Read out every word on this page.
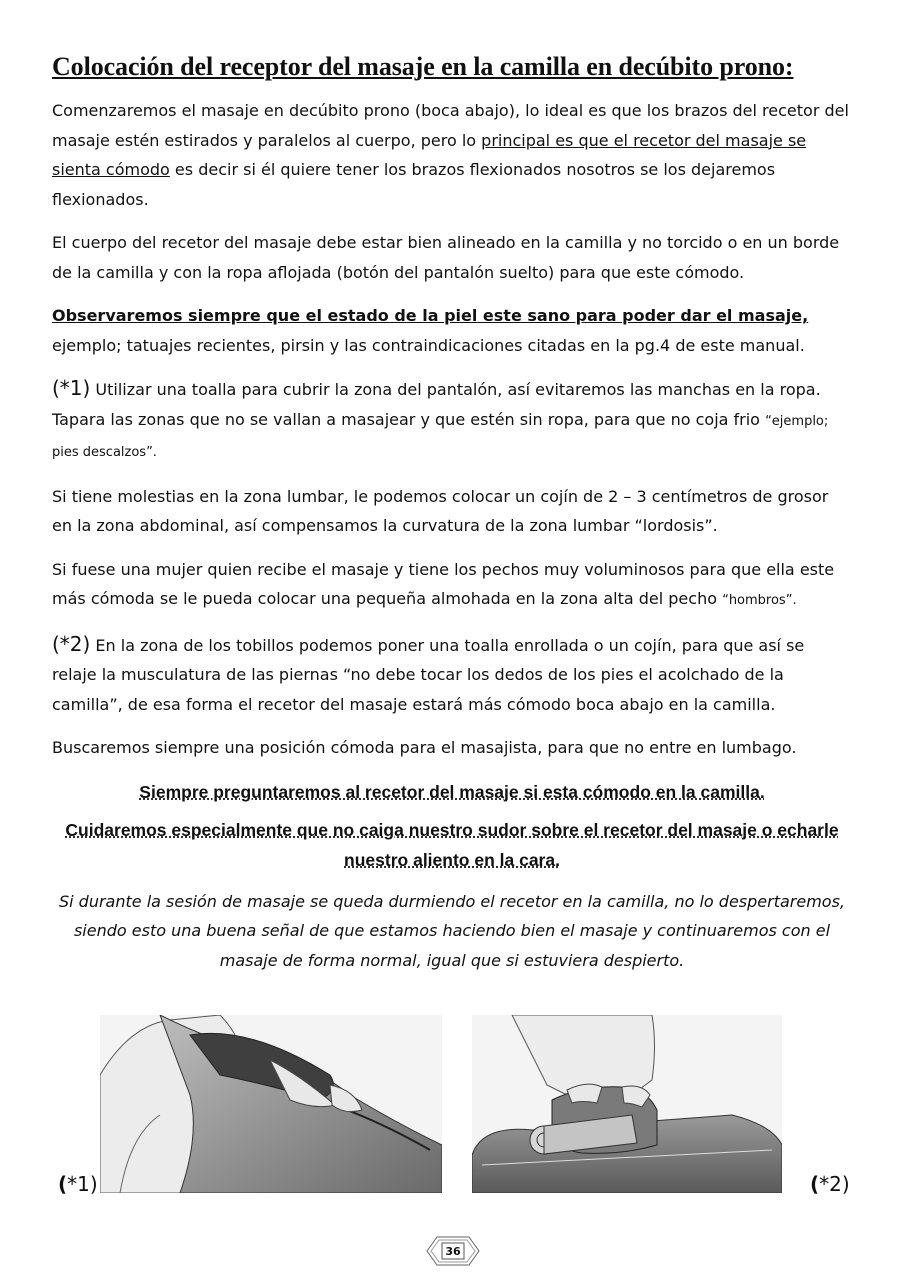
Colocación del receptor del masaje en la camilla en decúbito prono:

Comenzaremos el masaje en decúbito prono (boca abajo), lo ideal es que los brazos del recetor del masaje estén estirados y paralelos al cuerpo, pero lo principal es que el recetor del masaje se sienta cómodo es decir si él quiere tener los brazos flexionados nosotros se los dejaremos flexionados.

El cuerpo del recetor del masaje debe estar bien alineado en la camilla y no torcido o en un borde de la camilla y con la ropa aflojada (botón del pantalón suelto) para que este cómodo.

Observaremos siempre que el estado de la piel este sano para poder dar el masaje, ejemplo; tatuajes recientes, pirsin y las contraindicaciones citadas en la pg.4 de este manual.

(*1) Utilizar una toalla para cubrir la zona del pantalón, así evitaremos las manchas en la ropa. Tapara las zonas que no se vallan a masajear y que estén sin ropa, para que no coja frio “ejemplo; pies descalzos”.

Si tiene molestias en la zona lumbar, le podemos colocar un cojín de 2 – 3 centímetros de grosor en la zona abdominal, así compensamos la curvatura de la zona lumbar “lordosis”.

Si fuese una mujer quien recibe el masaje y tiene los pechos muy voluminosos para que ella este más cómoda se le pueda colocar una pequeña almohada en la zona alta del pecho “hombros”.

(*2) En la zona de los tobillos podemos poner una toalla enrollada o un cojín, para que así se relaje la musculatura de las piernas “no debe tocar los dedos de los pies el acolchado de la camilla”, de esa forma el recetor del masaje estará más cómodo boca abajo en la camilla.

Buscaremos siempre una posición cómoda para el masajista, para que no entre en lumbago.

Siempre preguntaremos al recetor del masaje si esta cómodo en la camilla.
Cuidaremos especialmente que no caiga nuestro sudor sobre el recetor del masaje o echarle nuestro aliento en la cara.

Si durante la sesión de masaje se queda durmiendo el recetor en la camilla, no lo despertaremos, siendo esto una buena señal de que estamos haciendo bien el masaje y continuaremos con el masaje de forma normal, igual que si estuviera despierto.

(*1)	(*2)
36
